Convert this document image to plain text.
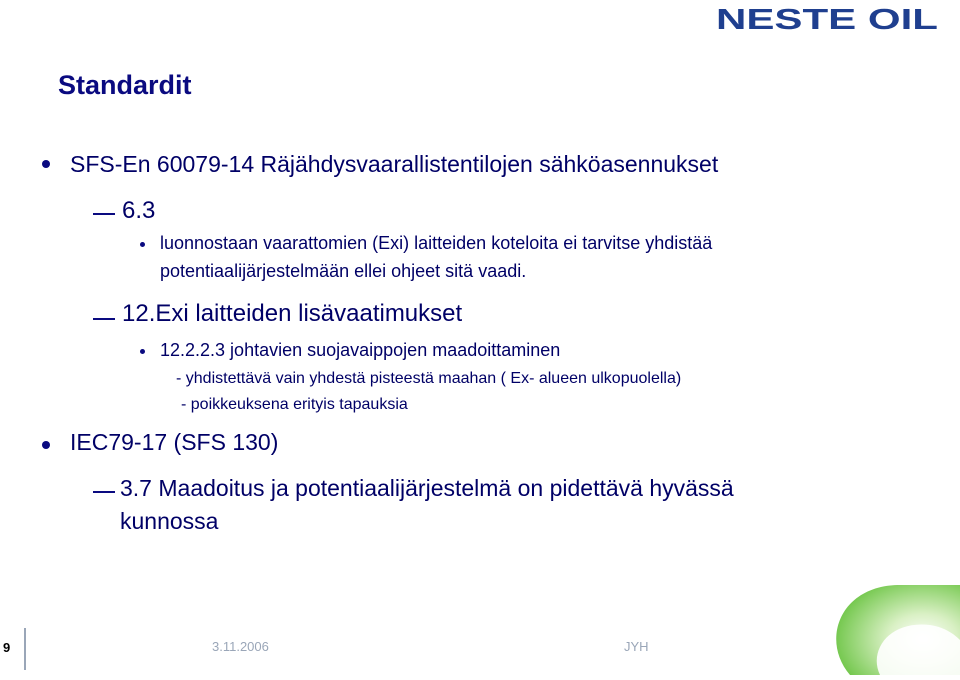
NESTE OIL
Standardit
SFS-En 60079-14 Räjähdysvaarallistentilojen sähköasennukset
6.3
luonnostaan vaarattomien (Exi) laitteiden koteloita ei tarvitse yhdistää
potentiaalijärjestelmään ellei ohjeet sitä vaadi.
12.Exi laitteiden lisävaatimukset
12.2.2.3 johtavien suojavaippojen maadoittaminen
- yhdistettävä vain yhdestä pisteestä maahan ( Ex- alueen ulkopuolella)
- poikkeuksena erityis tapauksia
IEC79-17 (SFS 130)
3.7 Maadoitus ja potentiaalijärjestelmä on pidettävä hyvässä
kunnossa
9	3.11.2006	JYH
